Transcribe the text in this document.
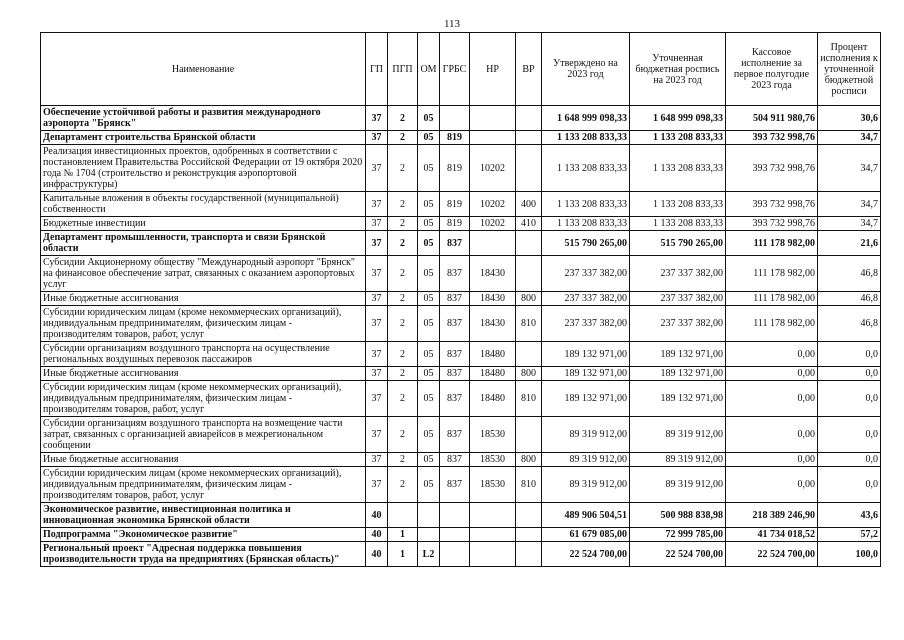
113
Наименование	ГП	ПГП	ОМ	ГРБС	НР	ВР	Утверждено на 2023 год	Уточненная бюджетная роспись на 2023 год	Кассовое исполнение за первое полугодие 2023 года	Процент исполнения к уточненной бюджетной росписи
Обеспечение устойчивой работы и развития международного аэропорта "Брянск"	37	2	05				1 648 999 098,33	1 648 999 098,33	504 911 980,76	30,6
Департамент строительства Брянской области	37	2	05	819			1 133 208 833,33	1 133 208 833,33	393 732 998,76	34,7
Реализация инвестиционных проектов, одобренных в соответствии с постановлением Правительства Российской Федерации от 19 октября 2020 года № 1704 (строительство и реконструкция аэропортовой инфраструктуры)	37	2	05	819	10202		1 133 208 833,33	1 133 208 833,33	393 732 998,76	34,7
Капитальные вложения в объекты государственной (муниципальной) собственности	37	2	05	819	10202	400	1 133 208 833,33	1 133 208 833,33	393 732 998,76	34,7
Бюджетные инвестиции	37	2	05	819	10202	410	1 133 208 833,33	1 133 208 833,33	393 732 998,76	34,7
Департамент промышленности, транспорта и связи Брянской области	37	2	05	837			515 790 265,00	515 790 265,00	111 178 982,00	21,6
Субсидии Акционерному обществу "Международный аэропорт "Брянск" на финансовое обеспечение затрат, связанных с оказанием аэропортовых услуг	37	2	05	837	18430		237 337 382,00	237 337 382,00	111 178 982,00	46,8
Иные бюджетные ассигнования	37	2	05	837	18430	800	237 337 382,00	237 337 382,00	111 178 982,00	46,8
Субсидии юридическим лицам (кроме некоммерческих организаций), индивидуальным предпринимателям, физическим лицам - производителям товаров, работ, услуг	37	2	05	837	18430	810	237 337 382,00	237 337 382,00	111 178 982,00	46,8
Субсидии организациям воздушного транспорта на осуществление региональных воздушных перевозок пассажиров	37	2	05	837	18480		189 132 971,00	189 132 971,00	0,00	0,0
Иные бюджетные ассигнования	37	2	05	837	18480	800	189 132 971,00	189 132 971,00	0,00	0,0
Субсидии юридическим лицам (кроме некоммерческих организаций), индивидуальным предпринимателям, физическим лицам - производителям товаров, работ, услуг	37	2	05	837	18480	810	189 132 971,00	189 132 971,00	0,00	0,0
Субсидии организациям воздушного транспорта на возмещение части затрат, связанных с организацией авиарейсов в межрегиональном сообщении	37	2	05	837	18530		89 319 912,00	89 319 912,00	0,00	0,0
Иные бюджетные ассигнования	37	2	05	837	18530	800	89 319 912,00	89 319 912,00	0,00	0,0
Субсидии юридическим лицам (кроме некоммерческих организаций), индивидуальным предпринимателям, физическим лицам - производителям товаров, работ, услуг	37	2	05	837	18530	810	89 319 912,00	89 319 912,00	0,00	0,0
Экономическое развитие, инвестиционная политика и инновационная экономика Брянской области	40						489 906 504,51	500 988 838,98	218 389 246,90	43,6
Подпрограмма "Экономическое развитие"	40	1					61 679 085,00	72 999 785,00	41 734 018,52	57,2
Региональный проект "Адресная поддержка повышения производительности труда на предприятиях (Брянская область)"	40	1	L2				22 524 700,00	22 524 700,00	22 524 700,00	100,0
